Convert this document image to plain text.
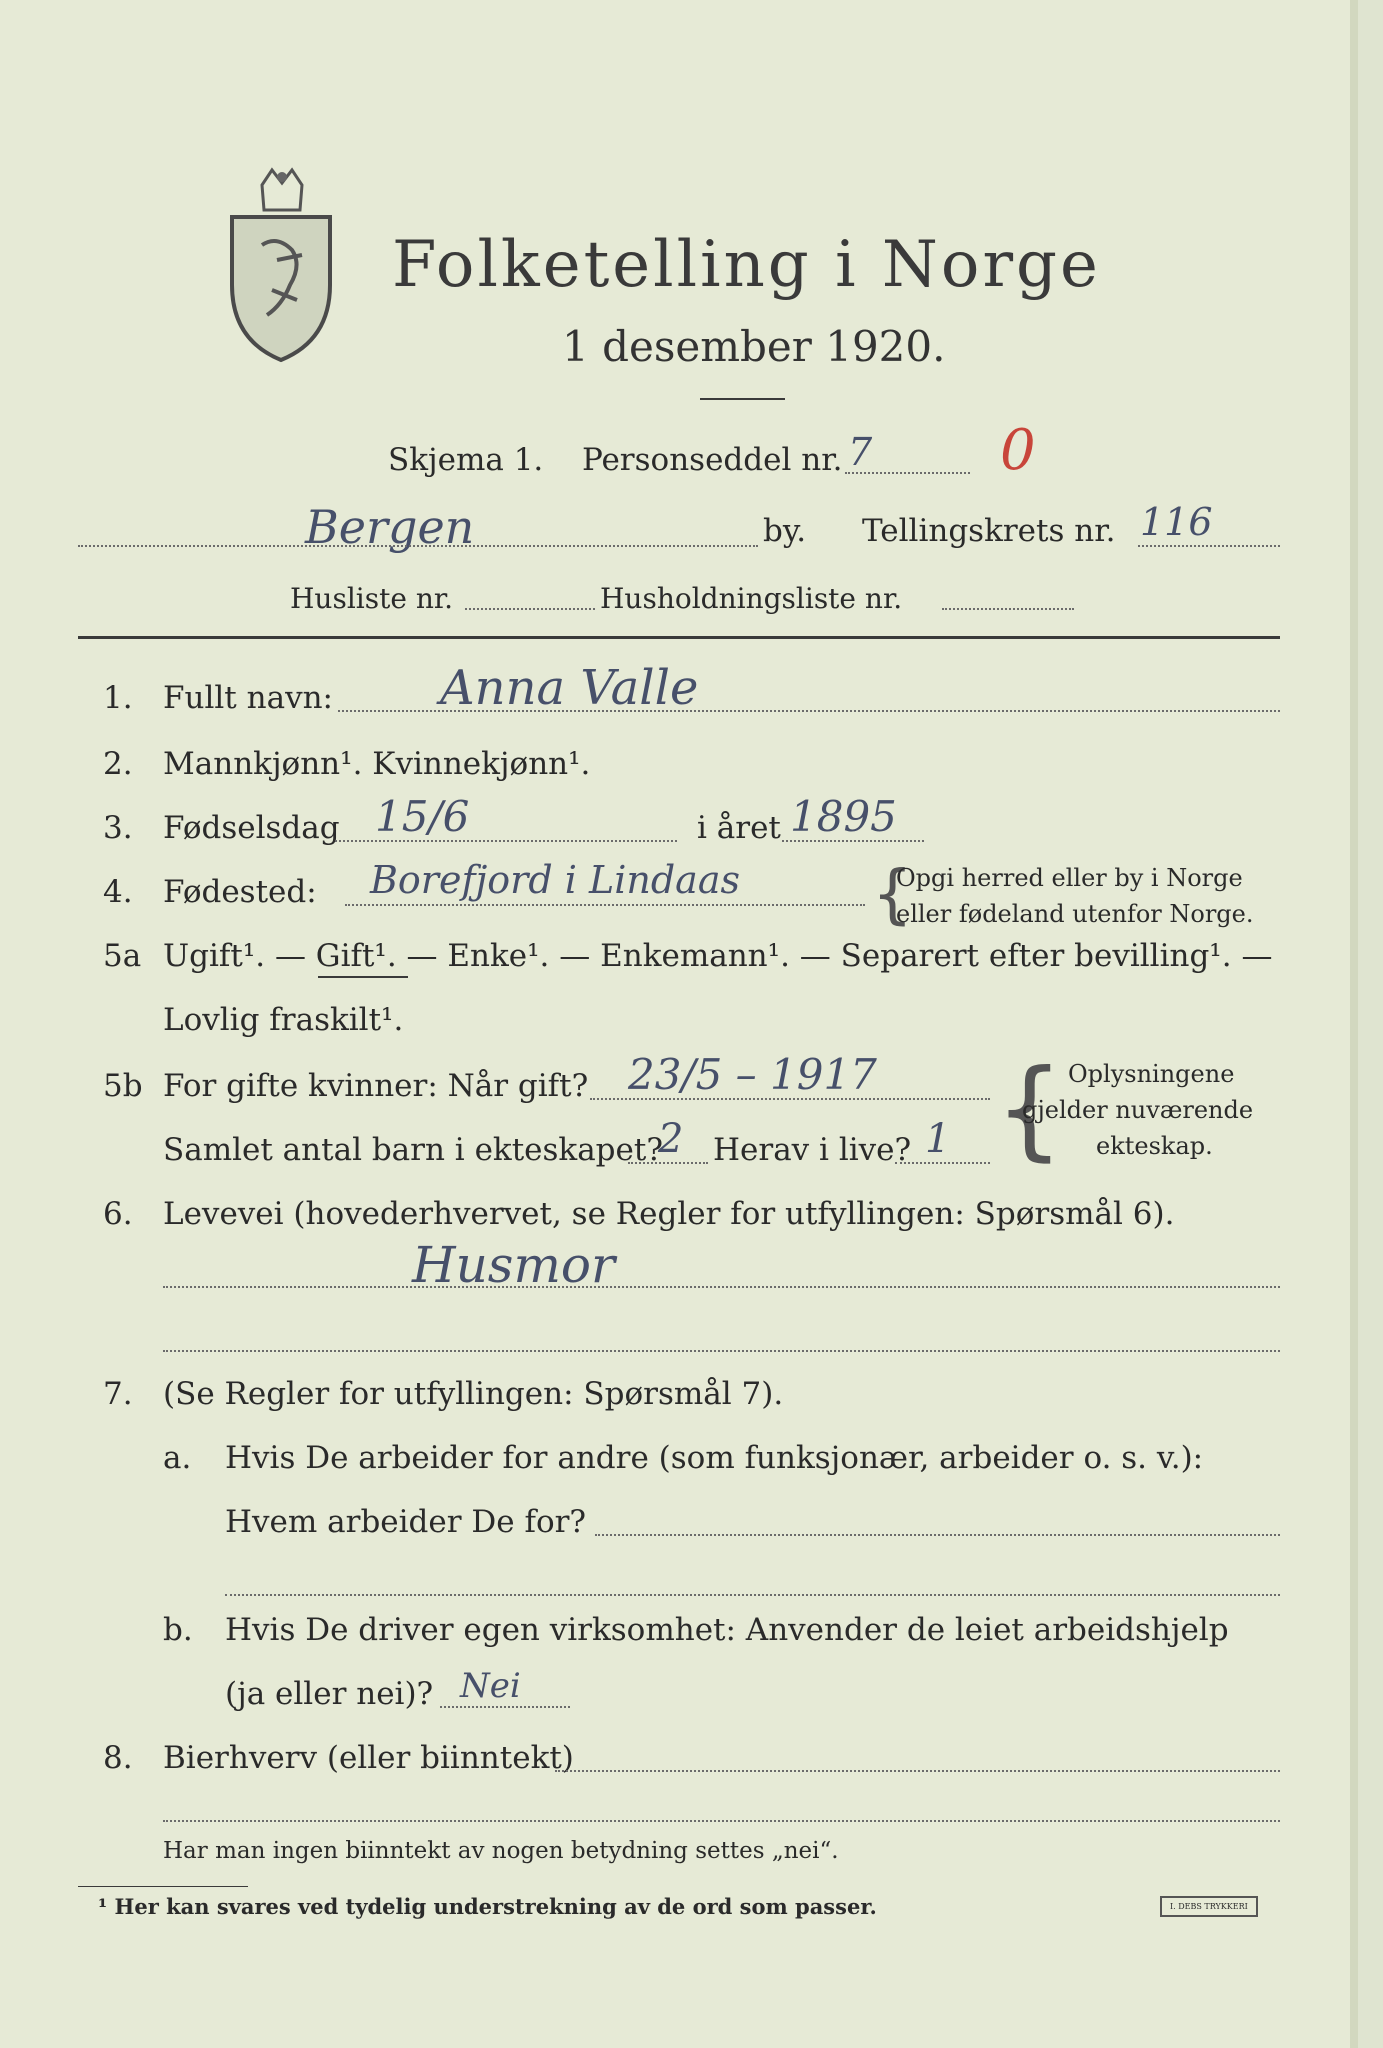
Folketelling i Norge
1 desember 1920.
Skjema 1. Personseddel nr. 7 0
Bergen	by. Tellingskrets nr. 116
Husliste nr.	Husholdningsliste nr.
1. Fullt navn: Anna Valle
2. Mannkjønn¹. Kvinnekjønn¹.
3. Fødselsdag 15/6	i året 1895
4. Fødested: Borefjord i Lindaas {
Opgi herred eller by i Norge
eller fødeland utenfor Norge.
5a Ugift¹. — Gift¹. — Enke¹. — Enkemann¹. — Separert efter bevilling¹. —
Lovlig fraskilt¹.
5b For gifte kvinner: Når gift? 23/5 – 1917
Samlet antal barn i ekteskapet?
2 Herav i live? 1 { Oplysningene
gjelder nuværende
ekteskap.
6. Levevei (hovederhvervet, se Regler for utfyllingen: Spørsmål 6).
Husmor
7. (Se Regler for utfyllingen: Spørsmål 7).
a. Hvis De arbeider for andre (som funksjonær, arbeider o. s. v.):
Hvem arbeider De for?
b. Hvis De driver egen virksomhet: Anvender de leiet arbeidshjelp
(ja eller nei)? Nei
8. Bierhverv (eller biinntekt)
Har man ingen biinntekt av nogen betydning settes „nei“.
¹ Her kan svares ved tydelig understrekning av de ord som passer.	I. DEBS TRYKKERI
